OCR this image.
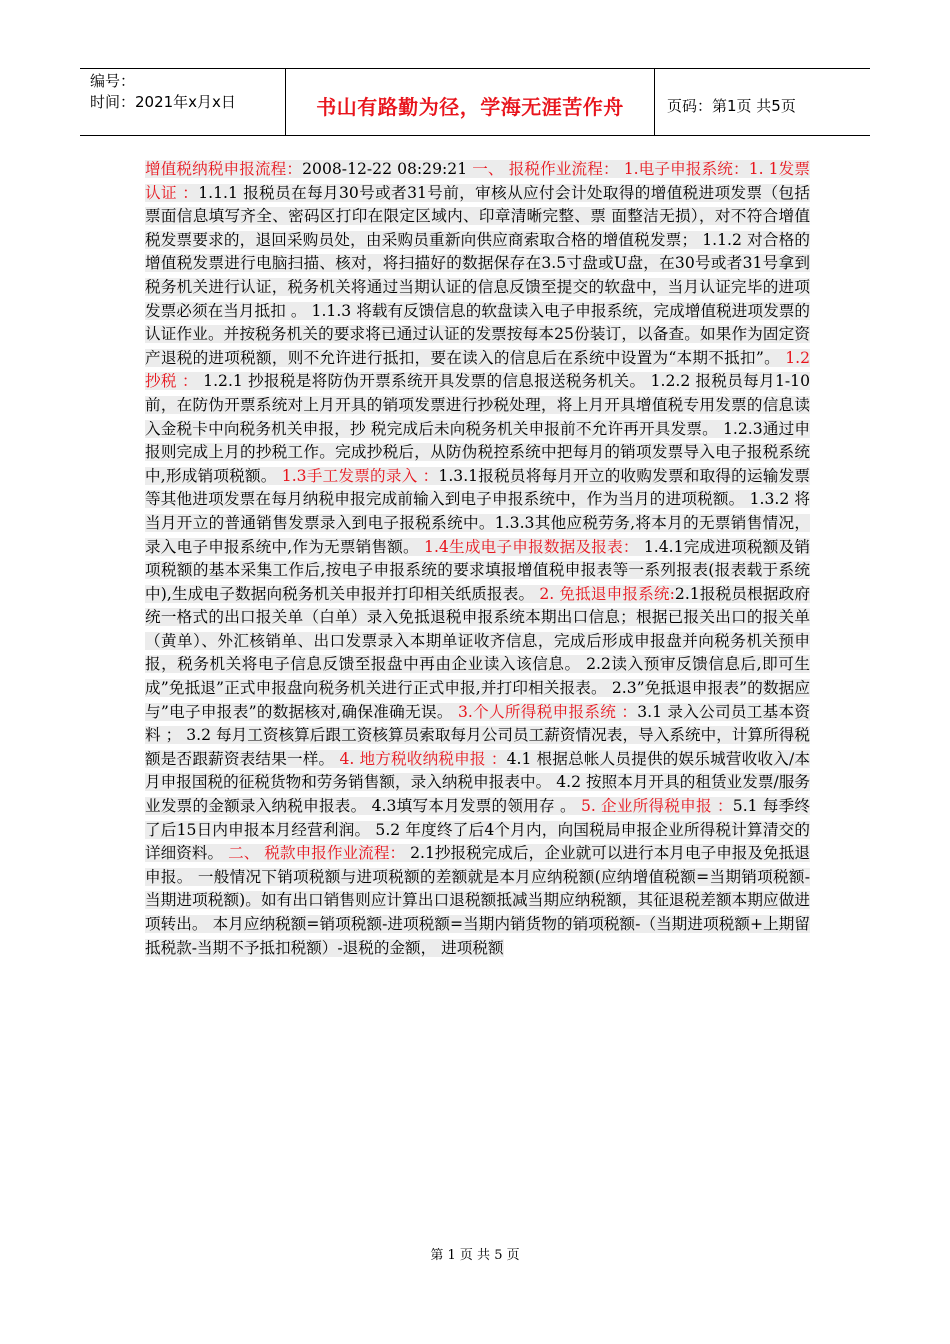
编号：
时间：2021年x月x日	书山有路勤为径，学海无涯苦作舟	页码：第1页 共5页
增值税纳税申报流程：2008-12-22 08:29:21 一、 报税作业流程： 1.电子申报系统：1. 1发票认证 ：1.1.1 报税员在每月30号或者31号前，审核从应付会计处取得的增值税进项发票（包括票面信息填写齐全、密码区打印在限定区域内、印章清晰完整、票 面整洁无损），对不符合增值税发票要求的，退回采购员处，由采购员重新向供应商索取合格的增值税发票； 1.1.2 对合格的增值税发票进行电脑扫描、核对，将扫描好的数据保存在3.5寸盘或U盘，在30号或者31号拿到税务机关进行认证，税务机关将通过当期认证的信息反馈至提交的软盘中，当月认证完毕的进项发票必须在当月抵扣 。 1.1.3 将载有反馈信息的软盘读入电子申报系统，完成增值税进项发票的认证作业。并按税务机关的要求将已通过认证的发票按每本25份装订，以备查。如果作为固定资产退税的进项税额，则不允许进行抵扣，要在读入的信息后在系统中设置为“本期不抵扣”。 1.2抄税 ： 1.2.1 抄报税是将防伪开票系统开具发票的信息报送税务机关。 1.2.2 报税员每月1-10前，在防伪开票系统对上月开具的销项发票进行抄税处理，将上月开具增值税专用发票的信息读入金税卡中向税务机关申报，抄 税完成后未向税务机关申报前不允许再开具发票。 1.2.3通过申报则完成上月的抄税工作。完成抄税后，从防伪税控系统中把每月的销项发票导入电子报税系统中,形成销项税额。 1.3手工发票的录入 ：1.3.1报税员将每月开立的收购发票和取得的运输发票等其他进项发票在每月纳税申报完成前输入到电子申报系统中，作为当月的进项税额。 1.3.2 将当月开立的普通销售发票录入到电子报税系统中。1.3.3其他应税劳务,将本月的无票销售情况，录入电子申报系统中,作为无票销售额。 1.4生成电子申报数据及报表： 1.4.1完成进项税额及销项税额的基本采集工作后,按电子申报系统的要求填报增值税申报表等一系列报表(报表载于系统中),生成电子数据向税务机关申报并打印相关纸质报表。 2. 免抵退申报系统:2.1报税员根据政府统一格式的出口报关单（白单）录入免抵退税申报系统本期出口信息；根据已报关出口的报关单（黄单）、外汇核销单、出口发票录入本期单证收齐信息，完成后形成申报盘并向税务机关预申报，税务机关将电子信息反馈至报盘中再由企业读入该信息。 2.2读入预审反馈信息后,即可生成”免抵退”正式申报盘向税务机关进行正式申报,并打印相关报表。 2.3”免抵退申报表”的数据应与”电子申报表”的数据核对,确保准确无误。 3.个人所得税申报系统 ：3.1 录入公司员工基本资料 ； 3.2 每月工资核算后跟工资核算员索取每月公司员工薪资情况表，导入系统中，计算所得税额是否跟薪资表结果一样。 4. 地方税收纳税申报 ：4.1 根据总帐人员提供的娱乐城营收收入/本月申报国税的征税货物和劳务销售额，录入纳税申报表中。 4.2 按照本月开具的租赁业发票/服务业发票的金额录入纳税申报表。 4.3填写本月发票的领用存 。 5. 企业所得税申报 ：5.1 每季终了后15日内申报本月经营利润。 5.2 年度终了后4个月内，向国税局申报企业所得税计算清交的详细资料。 二、 税款申报作业流程： 2.1抄报税完成后，企业就可以进行本月电子申报及免抵退申报。 一般情况下销项税额与进项税额的差额就是本月应纳税额(应纳增值税额=当期销项税额-当期进项税额)。如有出口销售则应计算出口退税额抵减当期应纳税额，其征退税差额本期应做进项转出。 本月应纳税额=销项税额-进项税额=当期内销货物的销项税额-（当期进项税额+上期留抵税款-当期不予抵扣税额）-退税的金额， 进项税额
第 1 页 共 5 页
